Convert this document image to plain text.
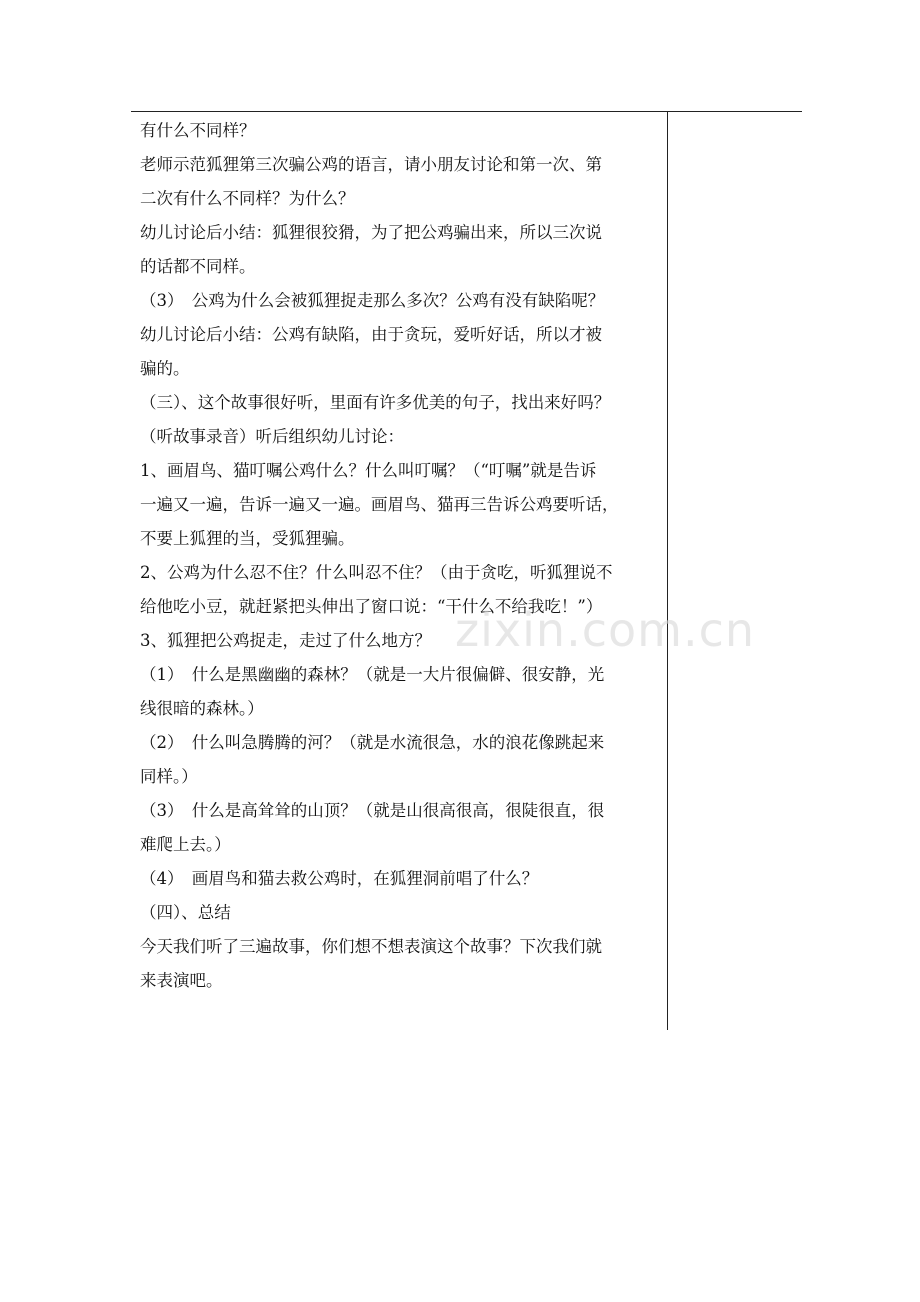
有什么不同样？
老师示范狐狸第三次骗公鸡的语言，请小朋友讨论和第一次、第
二次有什么不同样？为什么？
幼儿讨论后小结：狐狸很狡猾，为了把公鸡骗出来，所以三次说
的话都不同样。
（3）　公鸡为什么会被狐狸捉走那么多次？公鸡有没有缺陷呢？
幼儿讨论后小结：公鸡有缺陷，由于贪玩，爱听好话，所以才被
骗的。
（三）、这个故事很好听，里面有许多优美的句子，找出来好吗？
（听故事录音）听后组织幼儿讨论：
1、画眉鸟、猫叮嘱公鸡什么？什么叫叮嘱？（“叮嘱”就是告诉
一遍又一遍，告诉一遍又一遍。画眉鸟、猫再三告诉公鸡要听话，
不要上狐狸的当，受狐狸骗。
2、公鸡为什么忍不住？什么叫忍不住？（由于贪吃，听狐狸说不
给他吃小豆，就赶紧把头伸出了窗口说：“干什么不给我吃！”）
3、狐狸把公鸡捉走，走过了什么地方？
（1）　什么是黑幽幽的森林？（就是一大片很偏僻、很安静，光
线很暗的森林。）
（2）　什么叫急腾腾的河？（就是水流很急，水的浪花像跳起来
同样。）
（3）　什么是高耸耸的山顶？（就是山很高很高，很陡很直，很
难爬上去。）
（4）　画眉鸟和猫去救公鸡时，在狐狸洞前唱了什么？
（四）、总结
今天我们听了三遍故事，你们想不想表演这个故事？下次我们就
来表演吧。
zixin.com.cn
